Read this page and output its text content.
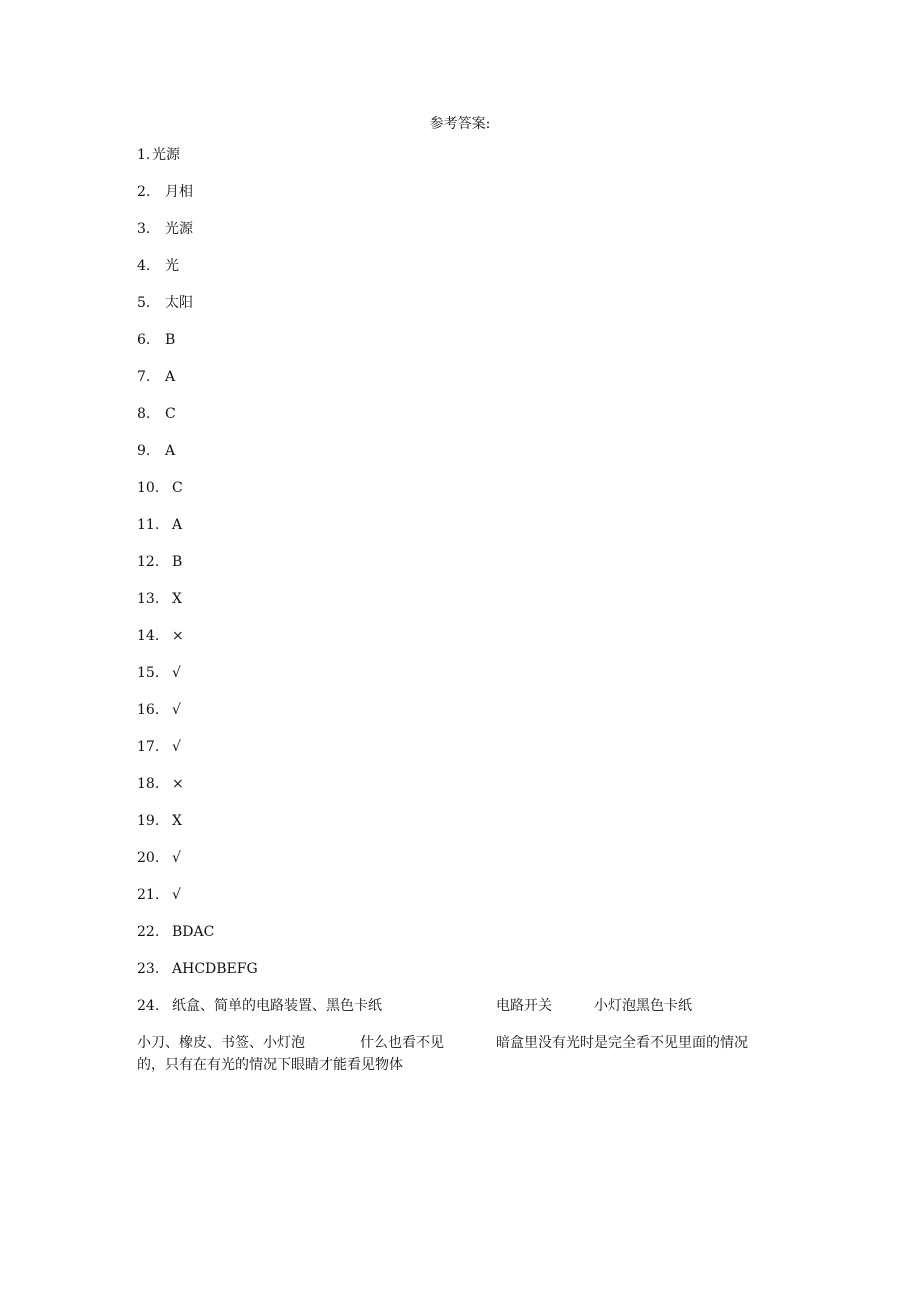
参考答案:
1. 光源
2. 月相
3. 光源
4. 光
5. 太阳
6. B
7. A
8. C
9. A
10. C
11. A
12. B
13. X
14. ×
15. √
16. √
17. √
18. ×
19. X
20. √
21. √
22. BDAC
23. AHCDBEFG
24. 纸盒、简单的电路装置、黑色卡纸	电路开关	小灯泡黑色卡纸
小刀、橡皮、书签、小灯泡	什么也看不见	暗盒里没有光时是完全看不见里面的情况
的，只有在有光的情况下眼睛才能看见物体
